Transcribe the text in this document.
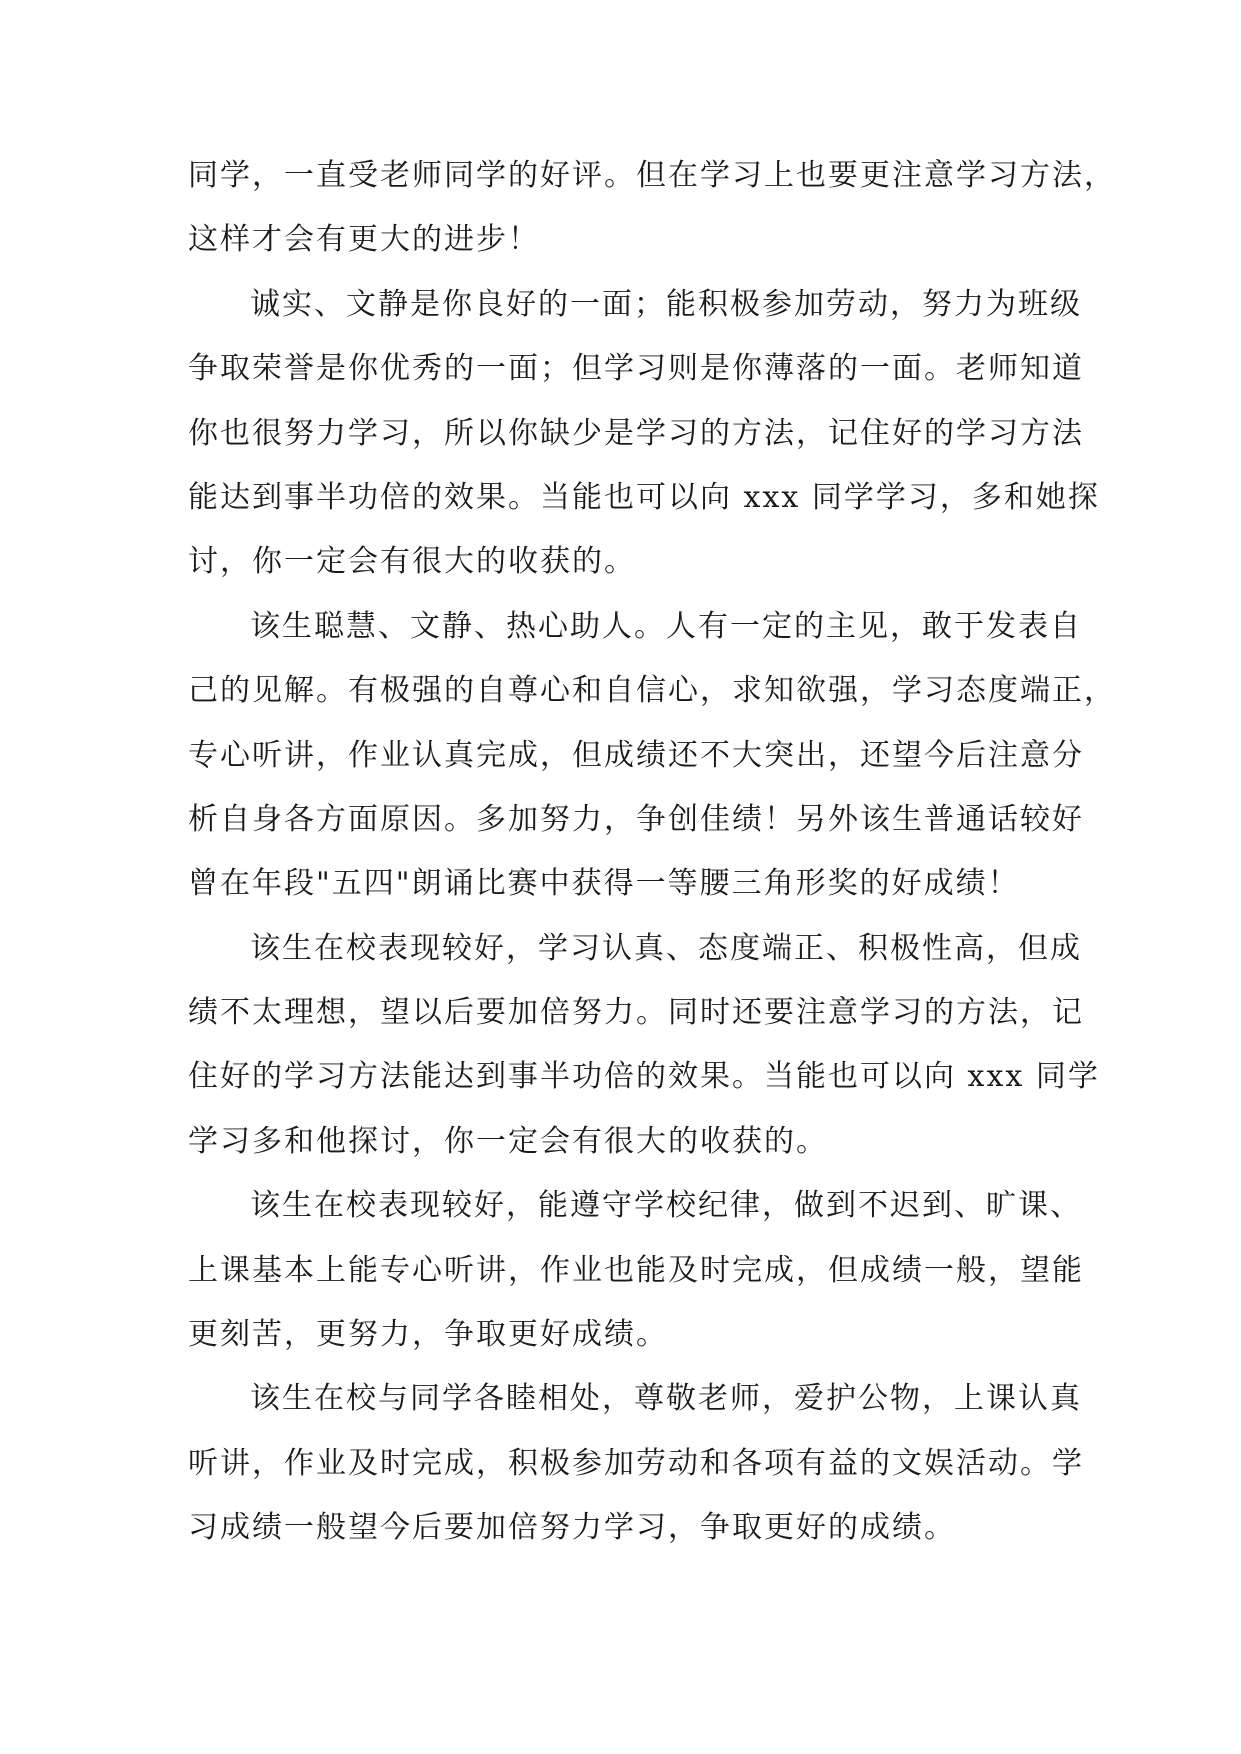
同学，一直受老师同学的好评。但在学习上也要更注意学习方法，
这样才会有更大的进步！
诚实、文静是你良好的一面；能积极参加劳动，努力为班级
争取荣誉是你优秀的一面；但学习则是你薄落的一面。老师知道
你也很努力学习，所以你缺少是学习的方法，记住好的学习方法
能达到事半功倍的效果。当能也可以向 xxx 同学学习，多和她探
讨，你一定会有很大的收获的。
该生聪慧、文静、热心助人。人有一定的主见，敢于发表自
己的见解。有极强的自尊心和自信心，求知欲强，学习态度端正，
专心听讲，作业认真完成，但成绩还不大突出，还望今后注意分
析自身各方面原因。多加努力，争创佳绩！另外该生普通话较好
曾在年段"五四"朗诵比赛中获得一等腰三角形奖的好成绩！
该生在校表现较好，学习认真、态度端正、积极性高，但成
绩不太理想，望以后要加倍努力。同时还要注意学习的方法，记
住好的学习方法能达到事半功倍的效果。当能也可以向 xxx 同学
学习多和他探讨，你一定会有很大的收获的。
该生在校表现较好，能遵守学校纪律，做到不迟到、旷课、
上课基本上能专心听讲，作业也能及时完成，但成绩一般，望能
更刻苦，更努力，争取更好成绩。
该生在校与同学各睦相处，尊敬老师，爱护公物，上课认真
听讲，作业及时完成，积极参加劳动和各项有益的文娱活动。学
习成绩一般望今后要加倍努力学习，争取更好的成绩。
